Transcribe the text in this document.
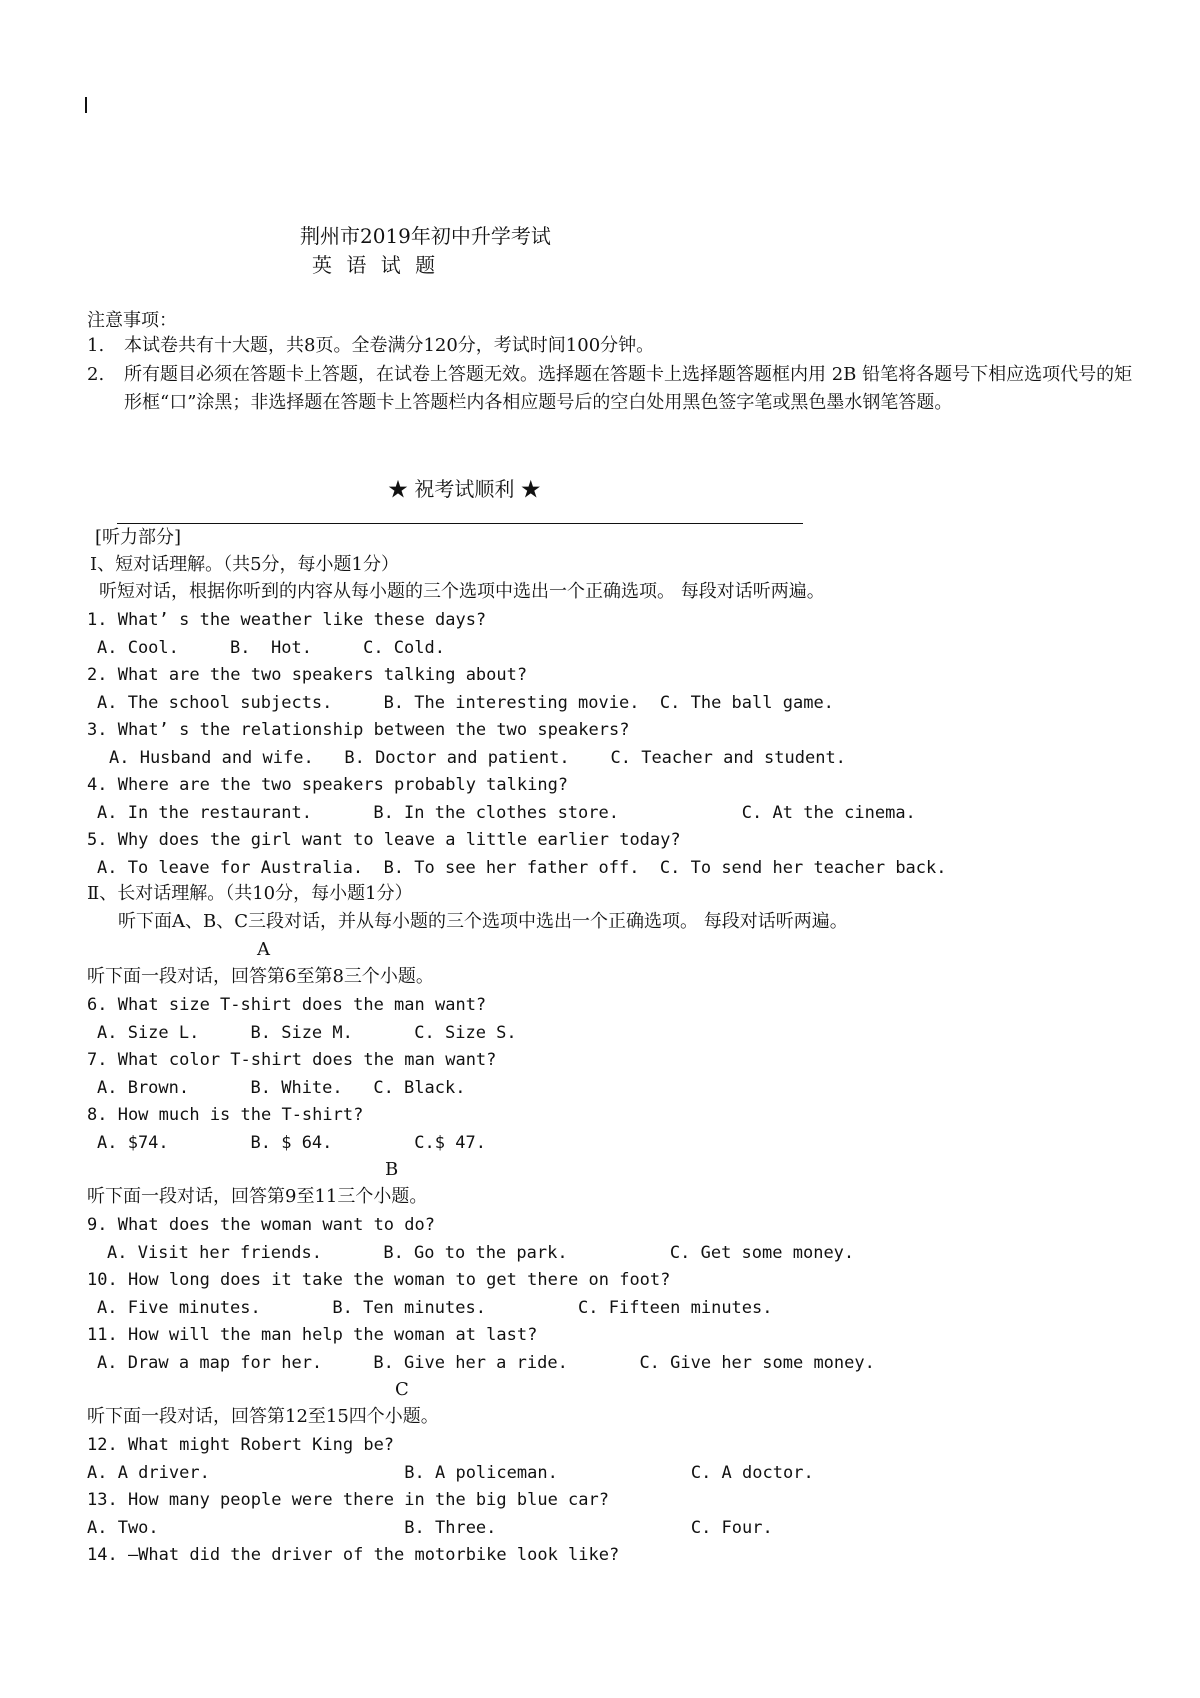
荆州市2019年初中升学考试
英 语 试 题
注意事项：
1.	本试卷共有十大题，共8页。全卷满分120分，考试时间100分钟。
2.	所有题目必须在答题卡上答题，在试卷上答题无效。选择题在答题卡上选择题答题框内用 2B 铅笔将各题号下相应选项代号的矩形框“口”涂黑；非选择题在答题卡上答题栏内各相应题号后的空白处用黑色签字笔或黑色墨水钢笔答题。
★ 祝考试顺利 ★
[听力部分]
Ⅰ、短对话理解。（共5分，每小题1分）
听短对话，根据你听到的内容从每小题的三个选项中选出一个正确选项。 每段对话听两遍。
1. What’ s the weather like these days?
A. Cool.     B.  Hot.     C. Cold.
2. What are the two speakers talking about?
A. The school subjects.     B. The interesting movie.  C. The ball game.
3. What’ s the relationship between the two speakers?
A. Husband and wife.   B. Doctor and patient.    C. Teacher and student.
4. Where are the two speakers probably talking?
A. In the restaurant.      B. In the clothes store.            C. At the cinema.
5. Why does the girl want to leave a little earlier today?
A. To leave for Australia.  B. To see her father off.  C. To send her teacher back.
Ⅱ、长对话理解。（共10分，每小题1分）
听下面A、B、C三段对话，并从每小题的三个选项中选出一个正确选项。 每段对话听两遍。
A
听下面一段对话，回答第6至第8三个小题。
6. What size T-shirt does the man want?
A. Size L.     B. Size M.      C. Size S.
7. What color T-shirt does the man want?
A. Brown.      B. White.   C. Black.
8. How much is the T-shirt?
A. $74.        B. $ 64.        C.$ 47.
B
听下面一段对话，回答第9至11三个小题。
9. What does the woman want to do?
A. Visit her friends.      B. Go to the park.          C. Get some money.
10. How long does it take the woman to get there on foot?
A. Five minutes.       B. Ten minutes.         C. Fifteen minutes.
11. How will the man help the woman at last?
A. Draw a map for her.     B. Give her a ride.       C. Give her some money.
C
听下面一段对话，回答第12至15四个小题。
12. What might Robert King be?
A. A driver.                   B. A policeman.             C. A doctor.
13. How many people were there in the big blue car?
A. Two.                        B. Three.                   C. Four.
14. —What did the driver of the motorbike look like?
